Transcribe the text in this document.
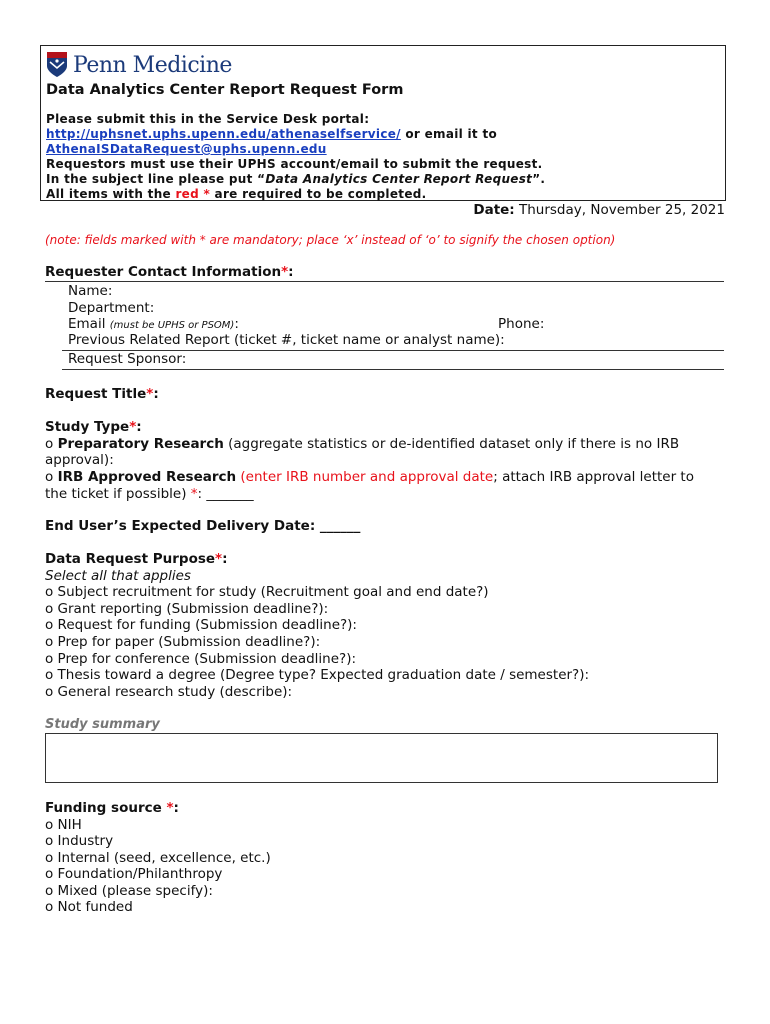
Penn Medicine
Data Analytics Center Report Request Form
Please submit this in the Service Desk portal:
http://uphsnet.uphs.upenn.edu/athenaselfservice/ or email it to
AthenaISDataRequest@uphs.upenn.edu
Requestors must use their UPHS account/email to submit the request.
In the subject line please put “Data Analytics Center Report Request”.
All items with the red * are required to be completed.
Date: Thursday, November 25, 2021
(note: fields marked with * are mandatory; place ‘x’ instead of ‘o’ to signify the chosen option)
Requester Contact Information*:
Name:
Department:
Email (must be UPHS or PSOM):	Phone:
Previous Related Report (ticket #, ticket name or analyst name):
Request Sponsor:
Request Title*:
Study Type*:
o Preparatory Research (aggregate statistics or de-identified dataset only if there is no IRB
approval):
o IRB Approved Research (enter IRB number and approval date; attach IRB approval letter to
the ticket if possible) *: _______
End User’s Expected Delivery Date: ______
Data Request Purpose*:
Select all that applies
o Subject recruitment for study (Recruitment goal and end date?)
o Grant reporting (Submission deadline?):
o Request for funding (Submission deadline?):
o Prep for paper (Submission deadline?):
o Prep for conference (Submission deadline?):
o Thesis toward a degree (Degree type? Expected graduation date / semester?):
o General research study (describe):
Study summary
Funding source *:
o NIH
o Industry
o Internal (seed, excellence, etc.)
o Foundation/Philanthropy
o Mixed (please specify):
o Not funded
